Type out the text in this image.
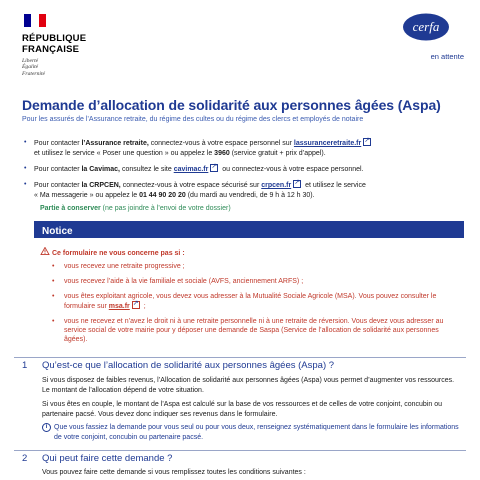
RÉPUBLIQUE FRANÇAISE
Liberté
Égalité
Fraternité
cerfa
en attente
Demande d’allocation de solidarité aux personnes âgées (Aspa)
Pour les assurés de l’Assurance retraite, du régime des cultes ou du régime des clercs et employés de notaire
• Pour contacter l’Assurance retraite, connectez-vous à votre espace personnel sur lassuranceretraite.fr↗
et utilisez le service « Poser une question » ou appelez le 3960 (service gratuit + prix d’appel).
• Pour contacter la Cavimac, consultez le site cavimac.fr↗ ou connectez-vous à votre espace personnel.
• Pour contacter la CRPCEN, connectez-vous à votre espace sécurisé sur crpcen.fr↗ et utilisez le service
« Ma messagerie » ou appelez le 01 44 90 20 20 (du mardi au vendredi, de 9 h à 12 h 30).
Partie à conserver (ne pas joindre à l’envoi de votre dossier)
Notice
Ce formulaire ne vous concerne pas si :
• vous recevez une retraite progressive ;
• vous recevez l’aide à la vie familiale et sociale (AVFS, anciennement ARFS) ;
• vous êtes exploitant agricole, vous devez vous adresser à la Mutualité Sociale Agricole (MSA). Vous pouvez consulter le formulaire sur msa.fr↗ ;
• vous ne recevez et n’avez le droit ni à une retraite personnelle ni à une retraite de réversion. Vous devez vous adresser au service social de votre mairie pour y déposer une demande de Saspa (Service de l’allocation de solidarité aux personnes âgées).
1 Qu’est-ce que l’allocation de solidarité aux personnes âgées (Aspa) ?
Si vous disposez de faibles revenus, l’Allocation de solidarité aux personnes âgées (Aspa) vous permet d’augmenter vos ressources. Le montant de l’allocation dépend de votre situation.
Si vous êtes en couple, le montant de l’Aspa est calculé sur la base de vos ressources et de celles de votre conjoint, concubin ou partenaire pacsé. Vous devez donc indiquer ses revenus dans le formulaire.
i Que vous fassiez la demande pour vous seul ou pour vous deux, renseignez systématiquement dans le formulaire les informations de votre conjoint, concubin ou partenaire pacsé.
2 Qui peut faire cette demande ?
Vous pouvez faire cette demande si vous remplissez toutes les conditions suivantes :
